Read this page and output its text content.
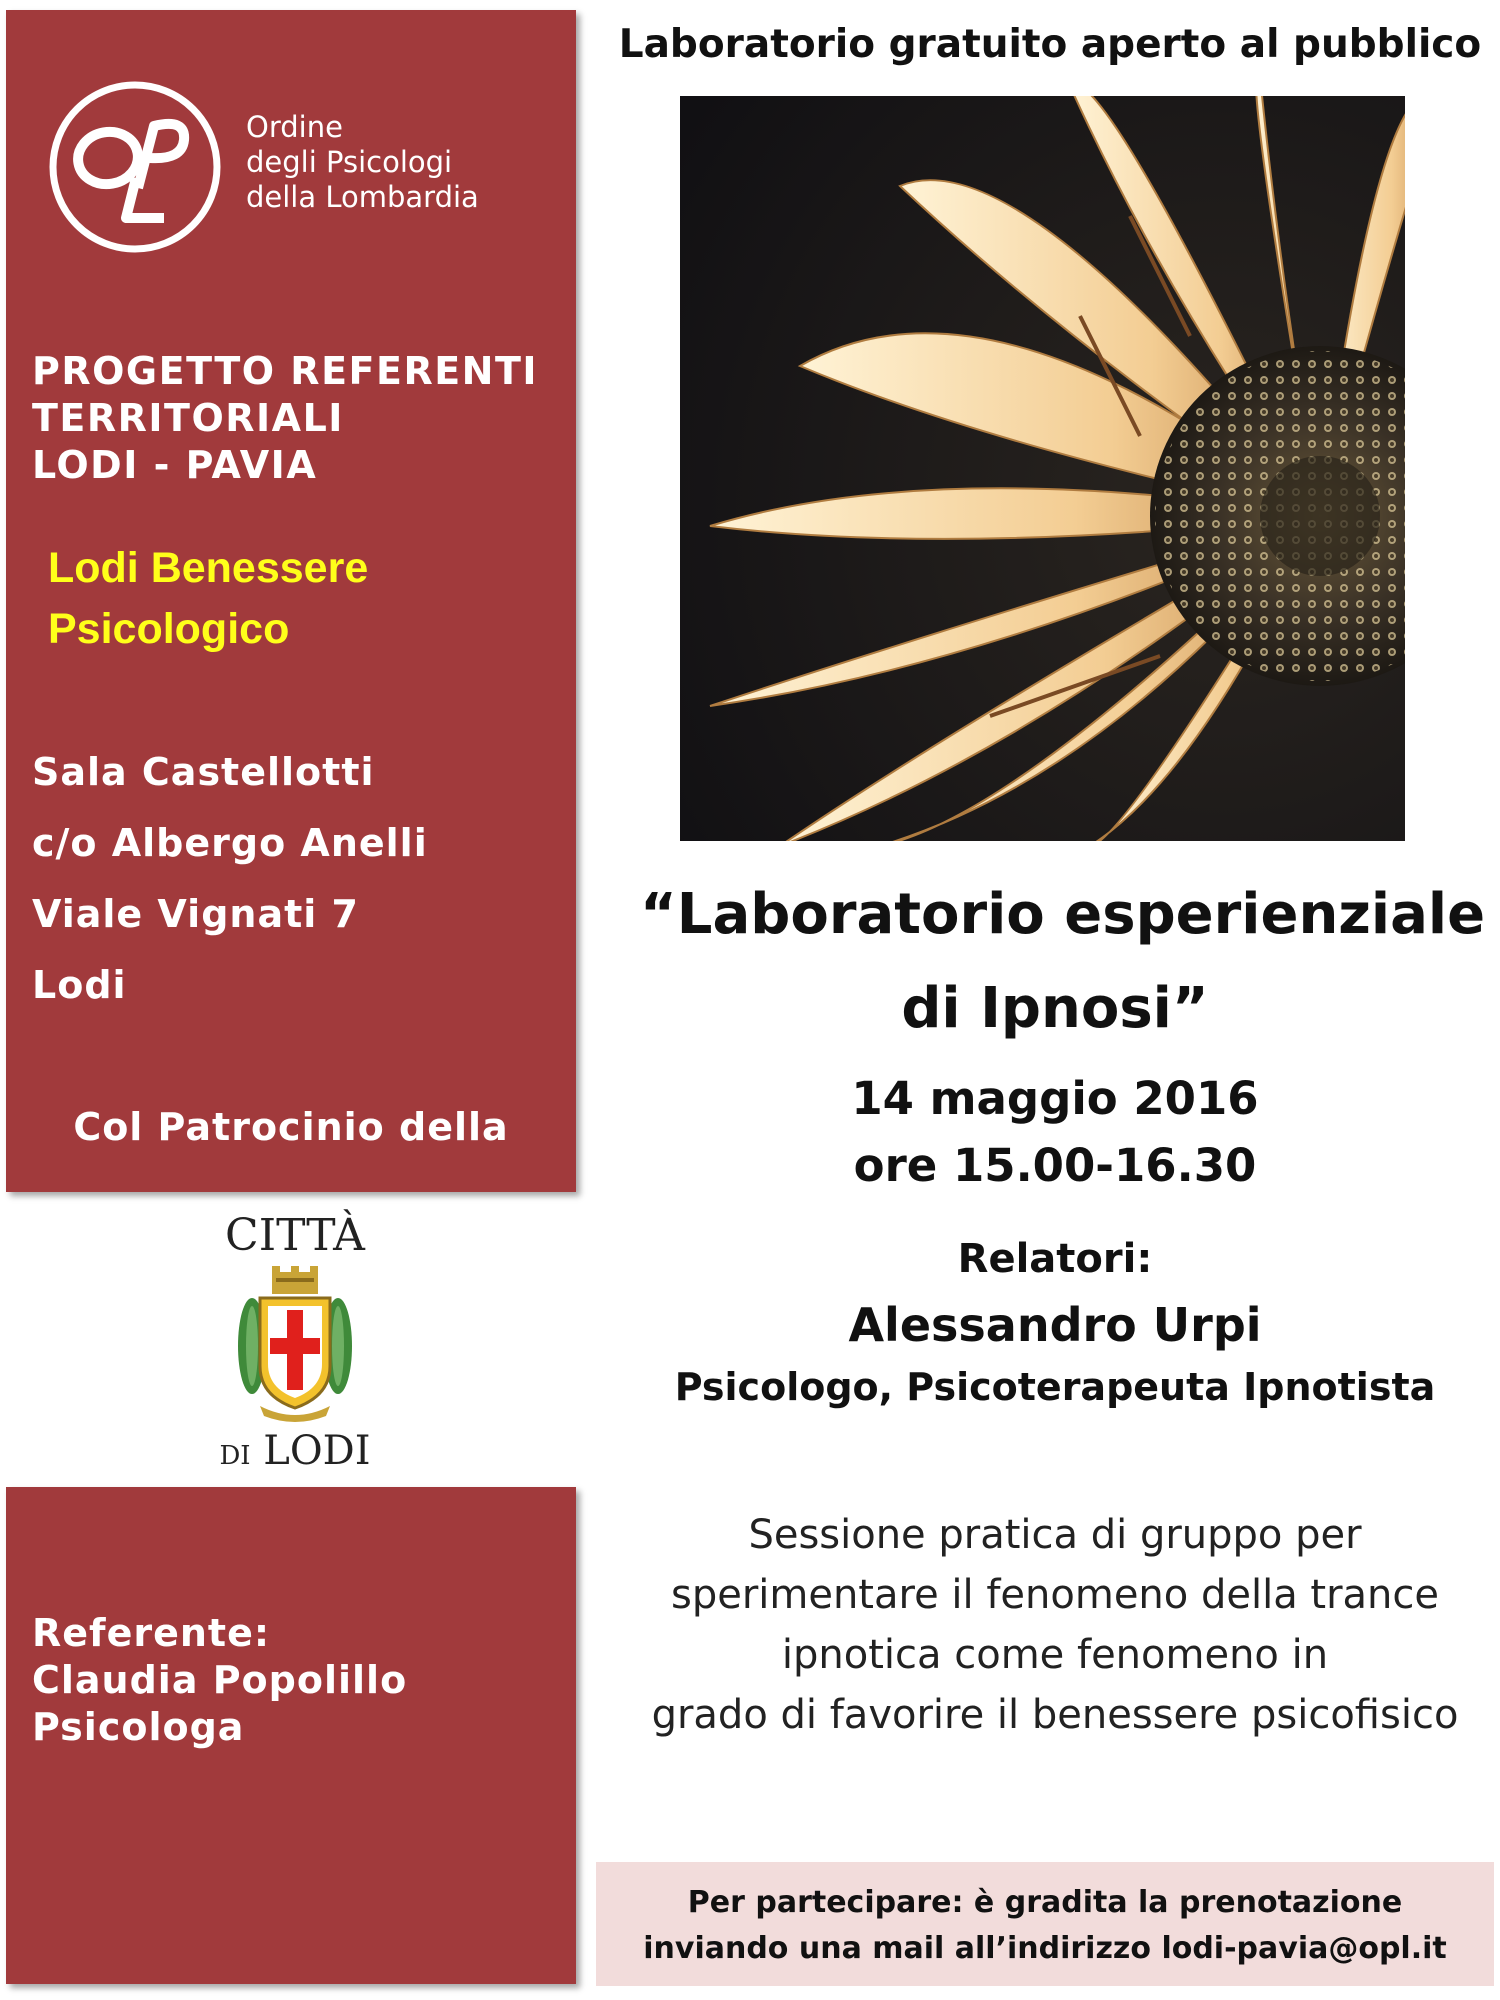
Ordine
degli Psicologi
della Lombardia
PROGETTO REFERENTI
TERRITORIALI
LODI - PAVIA
Lodi Benessere
Psicologico
Sala Castellotti
c/o Albergo Anelli
Viale Vignati 7
Lodi
Col Patrocinio della
CITTÀ
DI LODI
Referente:
Claudia Popolillo
Psicologa
Laboratorio gratuito aperto al pubblico
“Laboratorio esperienziale
di Ipnosi”
14 maggio 2016
ore 15.00-16.30
Relatori:
Alessandro Urpi
Psicologo, Psicoterapeuta Ipnotista
Sessione pratica di gruppo per
sperimentare il fenomeno della trance
ipnotica come fenomeno in
grado di favorire il benessere psicofisico
Per partecipare: è gradita la prenotazione
inviando una mail all’indirizzo lodi-pavia@opl.it
